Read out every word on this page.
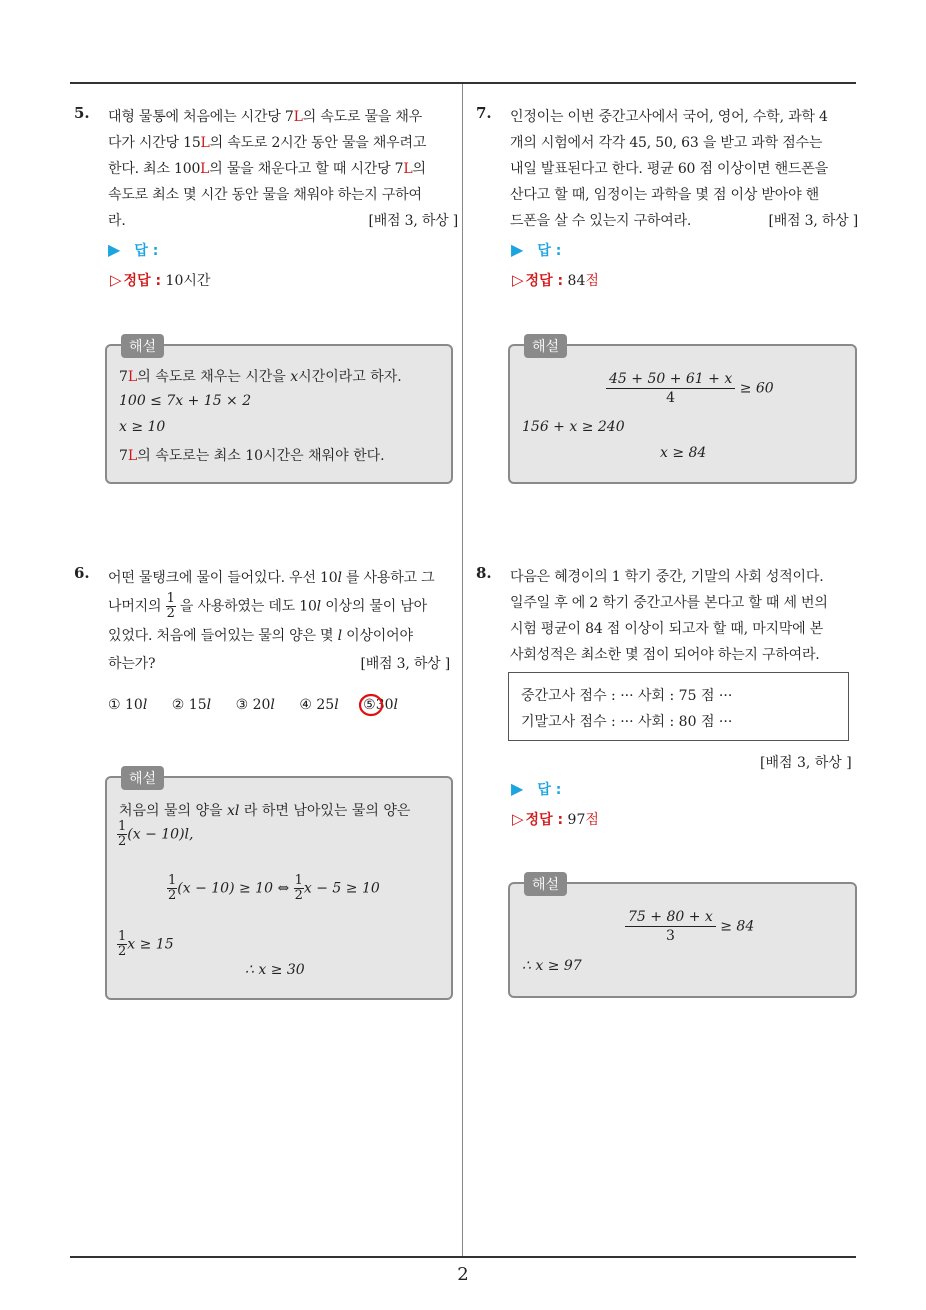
5. 대형 물통에 처음에는 시간당 7L의 속도로 물을 채우
다가 시간당 15L의 속도로 2시간 동안 물을 채우려고
한다. 최소 100L의 물을 채운다고 할 때 시간당 7L의
속도로 최소 몇 시간 동안 물을 채워야 하는지 구하여
라.	[배점 3, 하상 ]
▶ 답 :
▷ 정답 : 10시간
해설
7L의 속도로 채우는 시간을 x시간이라고 하자.
100 ≤ 7x + 15 × 2
x ≥ 10
7L의 속도로는 최소 10시간은 채워야 한다.
6. 어떤 물탱크에 물이 들어있다. 우선 10l 를 사용하고 그
나머지의 $\frac{1}{2}$ 을 사용하였는 데도 10l 이상의 물이 남아
있었다. 처음에 들어있는 물의 양은 몇 l 이상이어야
하는가?	[배점 3, 하상 ]
① 10l ② 15l ③ 20l ④ 25l ⑤30l
해설
처음의 물의 양을 xl 라 하면 남아있는 물의 양은
$\frac{1}{2} (x - 10)l$,
$\frac{1}{2} (x - 10) \ge 10$ ⇔ $\frac{1}{2}$ x − 5 ≥ 10
$\frac{1}{2}$ x ≥ 15
∴ x ≥ 30
7. 인정이는 이번 중간고사에서 국어, 영어, 수학, 과학 4
개의 시험에서 각각 45, 50, 63 을 받고 과학 점수는
내일 발표된다고 한다. 평균 60 점 이상이면 핸드폰을
산다고 할 때, 임정이는 과학을 몇 점 이상 받아야 핸
드폰을 살 수 있는지 구하여라.	[배점 3, 하상 ]
▶ 답 :
▷ 정답 : 84점
해설
$\frac{45 + 50 + 61 + x}{4} \ge 60$
156 + x ≥ 240
x ≥ 84
8. 다음은 혜경이의 1 학기 중간, 기말의 사회 성적이다.
일주일 후 에 2 학기 중간고사를 본다고 할 때 세 번의
시험 평균이 84 점 이상이 되고자 할 때, 마지막에 본
사회성적은 최소한 몇 점이 되어야 하는지 구하여라.
중간고사 점수 : ··· 사회 : 75 점 ···
기말고사 점수 : ··· 사회 : 80 점 ···
[배점 3, 하상 ]
▶ 답 :
▷ 정답 : 97점
해설
$\frac{75 + 80 + x}{3} \ge 84$
∴ x ≥ 97
2
